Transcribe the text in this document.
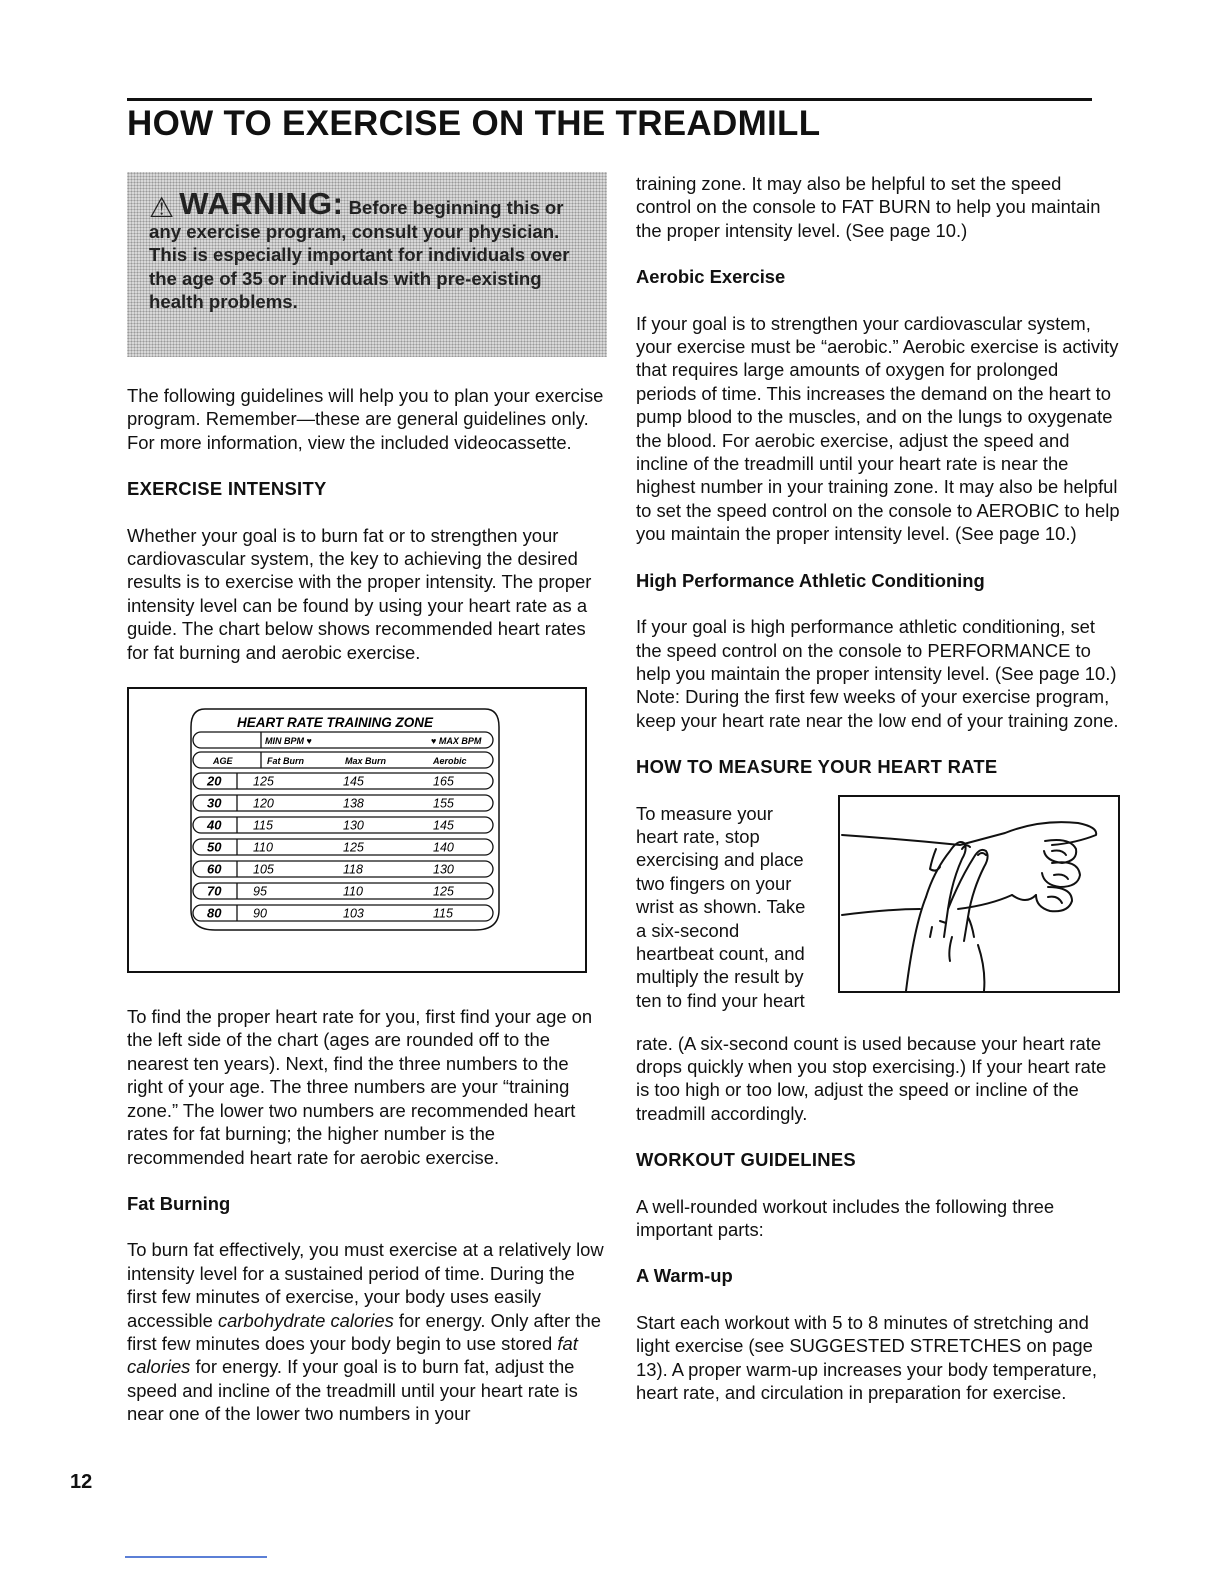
HOW TO EXERCISE ON THE TREADMILL
⚠ WARNING: Before beginning this or any exercise program, consult your physician. This is especially important for individuals over the age of 35 or individuals with pre-existing health problems.

The following guidelines will help you to plan your exercise program. Remember—these are general guidelines only. For more information, view the included videocassette.

EXERCISE INTENSITY

Whether your goal is to burn fat or to strengthen your cardiovascular system, the key to achieving the desired results is to exercise with the proper intensity. The proper intensity level can be found by using your heart rate as a guide. The chart below shows recommended heart rates for fat burning and aerobic exercise.

HEART RATE TRAINING ZONE
MIN BPM ♥	♥ MAX BPM
AGE	Fat Burn	Max Burn	Aerobic
20	125	145	165
30	120	138	155
40	115	130	145
50	110	125	140
60	105	118	130
70	95	110	125
80	90	103	115

To find the proper heart rate for you, first find your age on the left side of the chart (ages are rounded off to the nearest ten years). Next, find the three numbers to the right of your age. The three numbers are your “training zone.” The lower two numbers are recommended heart rates for fat burning; the higher number is the recommended heart rate for aerobic exercise.

Fat Burning

To burn fat effectively, you must exercise at a relatively low intensity level for a sustained period of time. During the first few minutes of exercise, your body uses easily accessible carbohydrate calories for energy. Only after the first few minutes does your body begin to use stored fat calories for energy. If your goal is to burn fat, adjust the speed and incline of the treadmill until your heart rate is near one of the lower two numbers in your

training zone. It may also be helpful to set the speed control on the console to FAT BURN to help you maintain the proper intensity level. (See page 10.)

Aerobic Exercise

If your goal is to strengthen your cardiovascular system, your exercise must be “aerobic.” Aerobic exercise is activity that requires large amounts of oxygen for prolonged periods of time. This increases the demand on the heart to pump blood to the muscles, and on the lungs to oxygenate the blood. For aerobic exercise, adjust the speed and incline of the treadmill until your heart rate is near the highest number in your training zone. It may also be helpful to set the speed control on the console to AEROBIC to help you maintain the proper intensity level. (See page 10.)

High Performance Athletic Conditioning

If your goal is high performance athletic conditioning, set the speed control on the console to PERFORMANCE to help you maintain the proper intensity level. (See page 10.) Note: During the first few weeks of your exercise program, keep your heart rate near the low end of your training zone.

HOW TO MEASURE YOUR HEART RATE

To measure your heart rate, stop exercising and place two fingers on your wrist as shown. Take a six-second heartbeat count, and multiply the result by ten to find your heart

rate. (A six-second count is used because your heart rate drops quickly when you stop exercising.) If your heart rate is too high or too low, adjust the speed or incline of the treadmill accordingly.

WORKOUT GUIDELINES

A well-rounded workout includes the following three important parts:

A Warm-up

Start each workout with 5 to 8 minutes of stretching and light exercise (see SUGGESTED STRETCHES on page 13). A proper warm-up increases your body temperature, heart rate, and circulation in preparation for exercise.

12
